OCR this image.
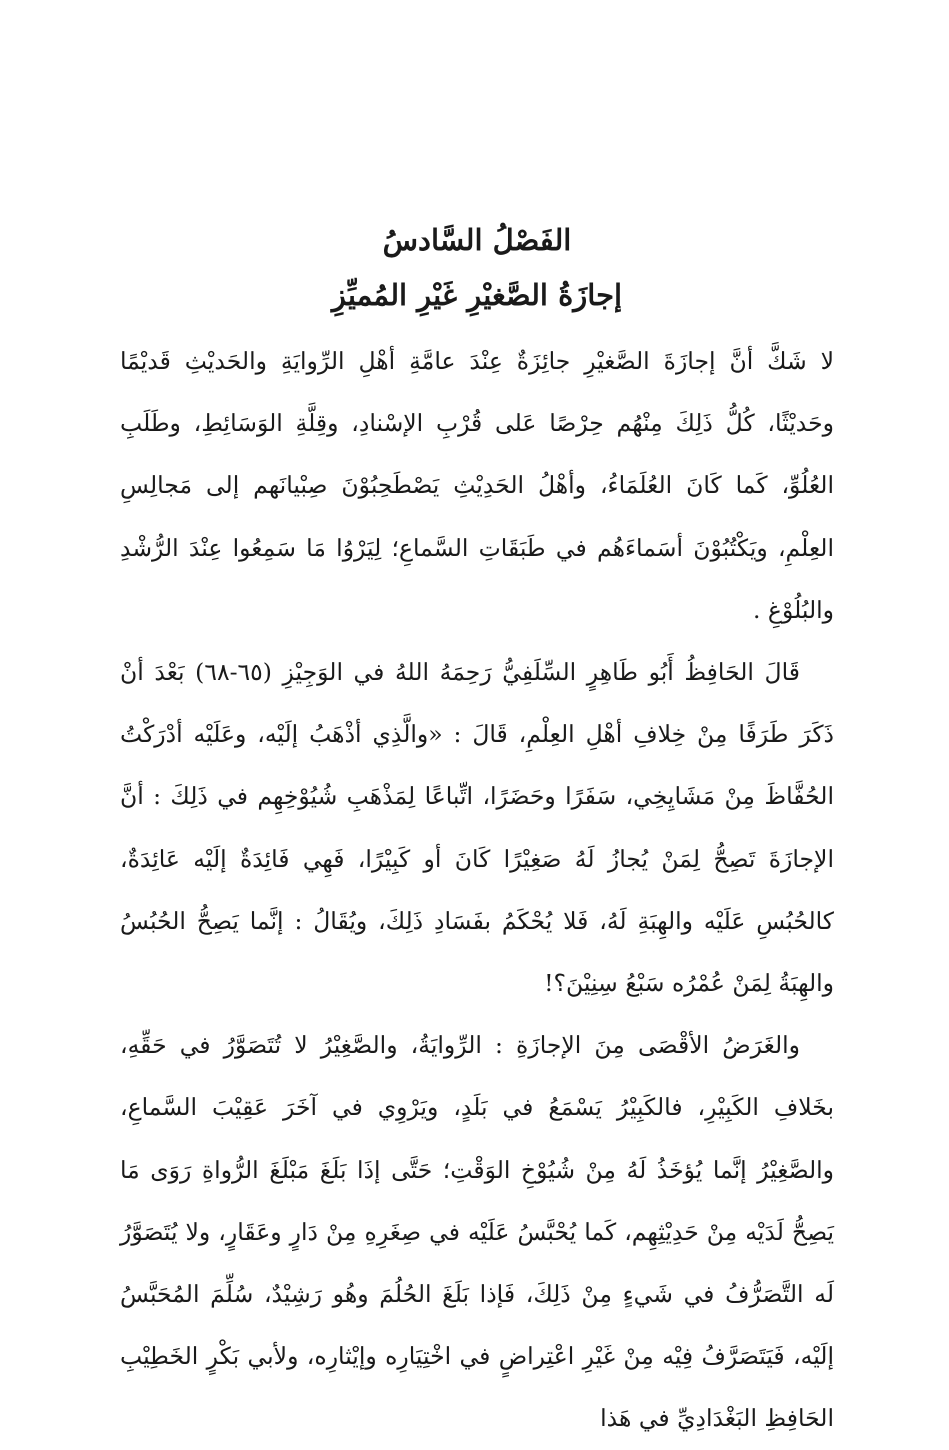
الفَصْلُ السَّادسُ
إجازَةُ الصَّغيْرِ غَيْرِ المُميِّزِ

لا شَكَّ أنَّ إجازَةَ الصَّغيْرِ جائِزَةٌ عِنْدَ عامَّةِ أهْلِ الرِّوايَةِ والحَديْثِ قَديْمًا وحَديْثًا، كُلُّ ذَلِكَ مِنْهُم حِرْصًا عَلى قُرْبِ الإسْنادِ، وقِلَّةِ الوَسَائِطِ، وطَلَبِ العُلُوِّ، كَما كَانَ العُلَمَاءُ، وأهْلُ الحَدِيْثِ يَصْطَحِبُوْنَ صِبْيانَهم إلى مَجالِسِ العِلْمِ، ويَكْتُبُوْنَ أسَماءَهُم في طَبَقَاتِ السَّماعِ؛ لِيَرْوُا مَا سَمِعُوا عِنْدَ الرُّشْدِ والبُلُوْغِ .

قَالَ الحَافِظُ أَبُو طَاهِرٍ السِّلَفِيُّ رَحِمَهُ اللهُ في الوَجِيْزِ (٦٥-٦٨) بَعْدَ أنْ ذَكَرَ طَرَفًا مِنْ خِلافِ أهْلِ العِلْمِ، قَالَ : «والَّذِي أذْهَبُ إلَيْه، وعَلَيْه أدْرَكْتُ الحُفَّاظَ مِنْ مَشَايِخِي، سَفَرًا وحَضَرًا، اتِّباعًا لِمَذْهَبِ شُيُوْخِهِم في ذَلِكَ : أنَّ الإجازَةَ تَصِحُّ لِمَنْ يُجازُ لَهُ صَغِيْرًا كَانَ أو كَبِيْرًا، فَهِي فَائِدَةٌ إلَيْه عَائِدَةٌ، كالحُبُسِ عَلَيْه والهِبَةِ لَهُ، فَلا يُحْكَمُ بفَسَادِ ذَلِكَ، ويُقَالُ : إنَّما يَصِحُّ الحُبُسُ والهِبَةُ لِمَنْ عُمْرُه سَبْعُ سِنِيْنَ؟!

والغَرَضُ الأقْصَى مِنَ الإجازَةِ : الرِّوايَةُ، والصَّغِيْرُ لا تُتَصَوَّرُ في حَقِّهِ، بخَلافِ الكَبِيْرِ، فالكَبِيْرُ يَسْمَعُ في بَلَدٍ، ويَرْوِي في آخَرَ عَقِيْبَ السَّماعِ، والصَّغِيْرُ إنَّما يُؤخَذُ لَهُ مِنْ شُيُوْخِ الوَقْتِ؛ حَتَّى إذَا بَلَغَ مَبْلَغَ الرُّواةِ رَوَى مَا يَصِحُّ لَدَيْه مِنْ حَدِيْثِهِم، كَما يُحْبَّسُ عَلَيْه في صِغَرِهِ مِنْ دَارٍ وعَقَارٍ، ولا يُتَصَوَّرُ لَه التَّصَرُّفُ في شَيءٍ مِنْ ذَلِكَ، فَإذا بَلَغَ الحُلُمَ وهُو رَشِيْدٌ، سُلِّمَ المُحَبَّسُ إلَيْه، فَيَتَصَرَّفُ فِيْه مِنْ غَيْرِ اعْتِراضٍ في اخْتِيَارِه وإيْثارِه، ولأبي بَكْرٍ الخَطِيْبِ الحَافِظِ البَغْدَادِيِّ في هَذا
